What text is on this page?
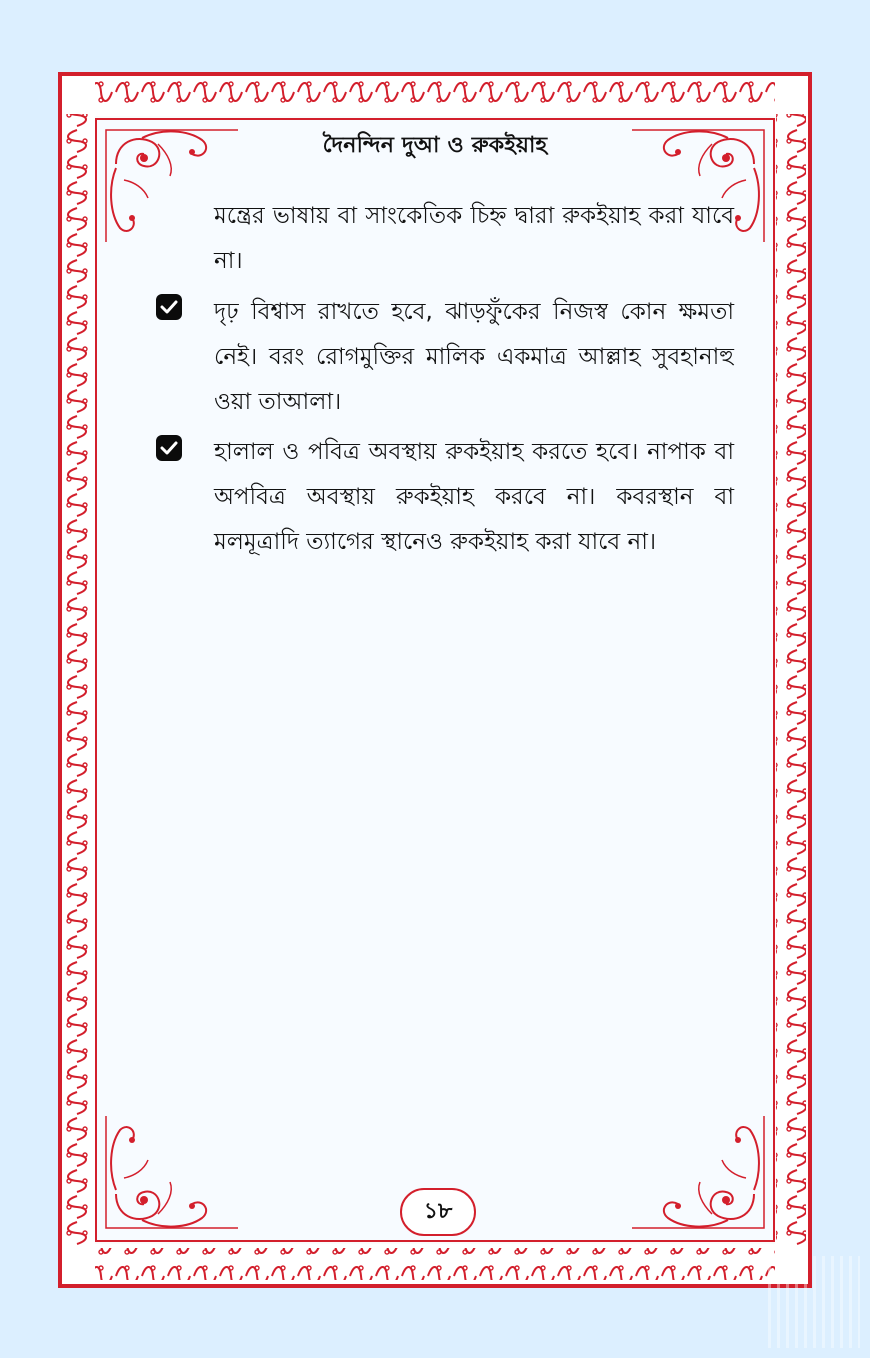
দৈনন্দিন দুআ ও রুকইয়াহ
মন্ত্রের ভাষায় বা সাংকেতিক চিহ্ন দ্বারা রুকইয়াহ করা যাবে না।
দৃঢ় বিশ্বাস রাখতে হবে, ঝাড়ফুঁকের নিজস্ব কোন ক্ষমতা নেই। বরং রোগমুক্তির মালিক একমাত্র আল্লাহ সুবহানাহু ওয়া তাআলা।
হালাল ও পবিত্র অবস্থায় রুকইয়াহ করতে হবে। নাপাক বা অপবিত্র অবস্থায় রুকইয়াহ করবে না। কবরস্থান বা মলমূত্রাদি ত্যাগের স্থানেও রুকইয়াহ করা যাবে না।
১৮
